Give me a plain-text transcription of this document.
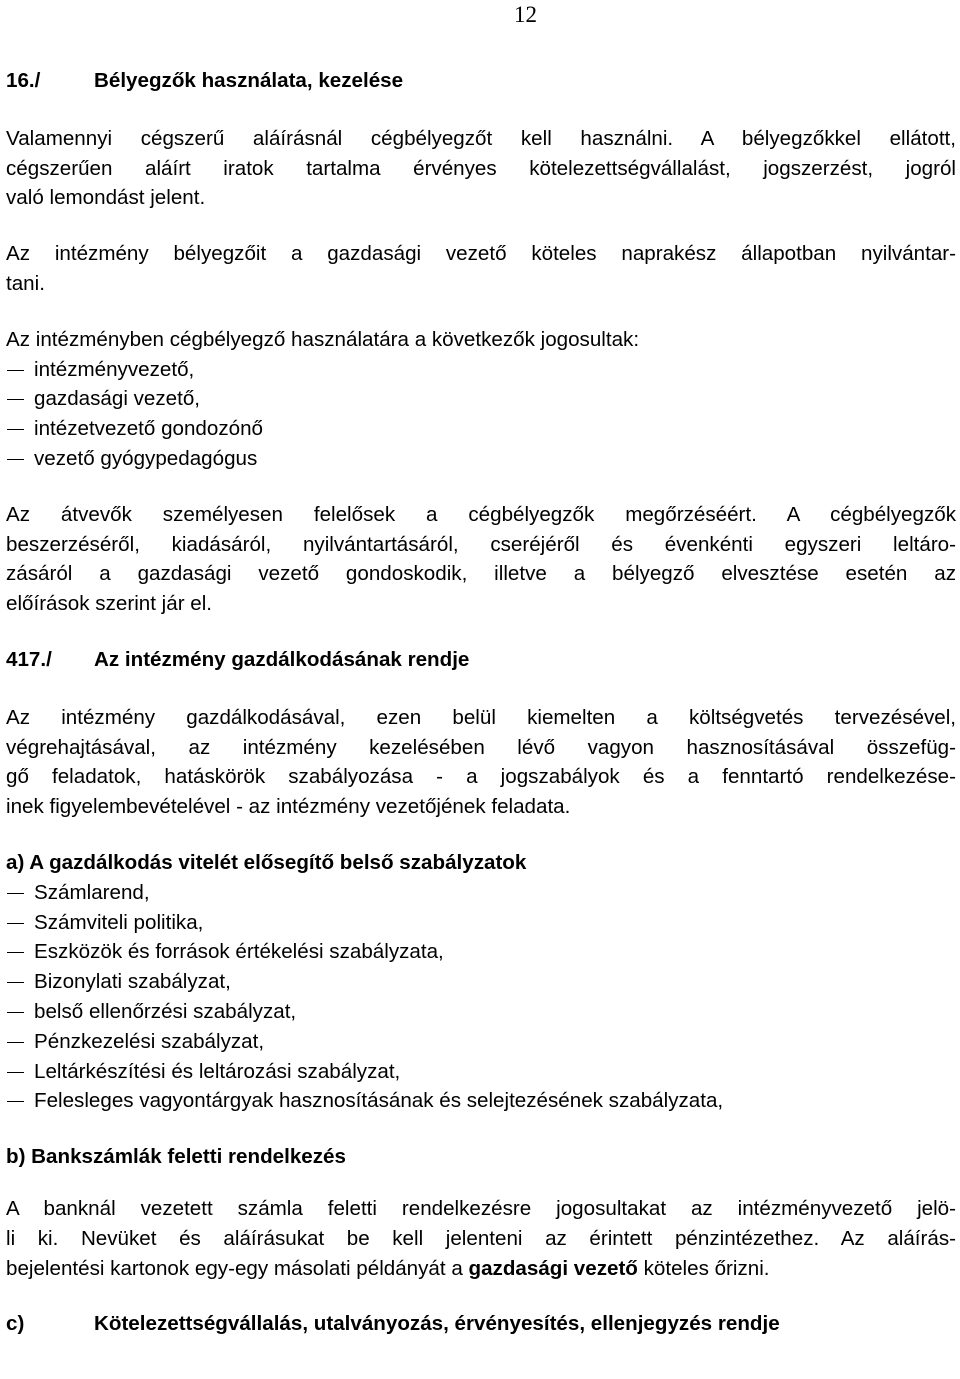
12
16./	Bélyegzők használata, kezelése

Valamennyi cégszerű aláírásnál cégbélyegzőt kell használni. A bélyegzőkkel ellátott,
cégszerűen aláírt iratok tartalma érvényes kötelezettségvállalást, jogszerzést, jogról
való lemondást jelent.

Az intézmény bélyegzőit a gazdasági vezető köteles naprakész állapotban nyilvántar-
tani.

Az intézményben cégbélyegző használatára a következők jogosultak:

intézményvezető,
gazdasági vezető,
intézetvezető gondozónő
vezető gyógypedagógus

Az átvevők személyesen felelősek a cégbélyegzők megőrzéséért. A cégbélyegzők
beszerzéséről, kiadásáról, nyilvántartásáról, cseréjéről és évenkénti egyszeri leltáro-
zásáról a gazdasági vezető gondoskodik, illetve a bélyegző elvesztése esetén az
előírások szerint jár el.

417./ Az intézmény gazdálkodásának rendje

Az intézmény gazdálkodásával, ezen belül kiemelten a költségvetés tervezésével,
végrehajtásával, az intézmény kezelésében lévő vagyon hasznosításával összefüg-
gő feladatok, hatáskörök szabályozása - a jogszabályok és a fenntartó rendelkezése-
inek figyelembevételével - az intézmény vezetőjének feladata.

a) A gazdálkodás vitelét elősegítő belső szabályzatok
Számlarend,
Számviteli politika,
Eszközök és források értékelési szabályzata,
Bizonylati szabályzat,
belső ellenőrzési szabályzat,
Pénzkezelési szabályzat,
Leltárkészítési és leltározási szabályzat,
Felesleges vagyontárgyak hasznosításának és selejtezésének szabályzata,
b) Bankszámlák feletti rendelkezés

A banknál vezetett számla feletti rendelkezésre jogosultakat az intézményvezető jelö-
li ki. Nevüket és aláírásukat be kell jelenteni az érintett pénzintézethez. Az aláírás-
bejelentési kartonok egy-egy másolati példányát a gazdasági vezető köteles őrizni.

c)	Kötelezettségvállalás, utalványozás, érvényesítés, ellenjegyzés rendje
